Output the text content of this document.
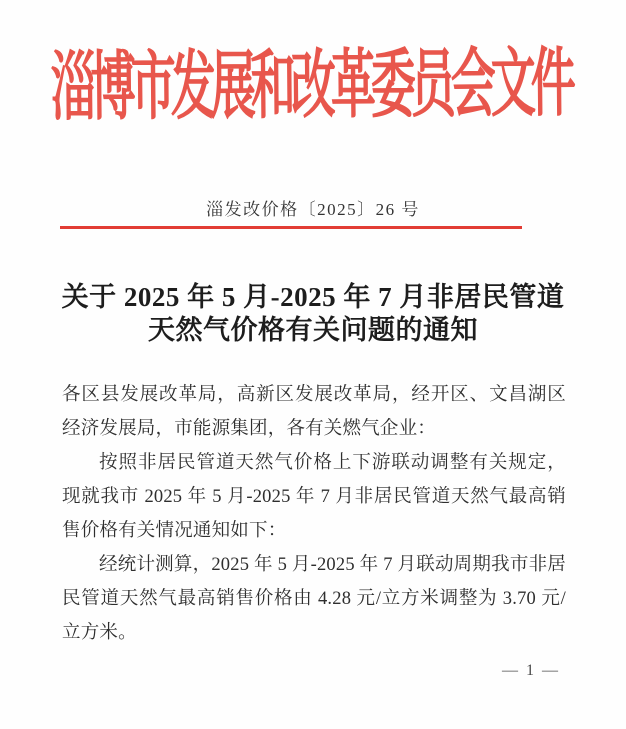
淄博市发展和改革委员会文件
淄发改价格〔2025〕26 号
关于 2025 年 5 月-2025 年 7 月非居民管道
天然气价格有关问题的通知

各区县发展改革局，高新区发展改革局，经开区、文昌湖区经济发展局，市能源集团，各有关燃气企业：

按照非居民管道天然气价格上下游联动调整有关规定，现就我市 2025 年 5 月-2025 年 7 月非居民管道天然气最高销售价格有关情况通知如下：

经统计测算，2025 年 5 月-2025 年 7 月联动周期我市非居民管道天然气最高销售价格由 4.28 元/立方米调整为 3.70 元/立方米。

— 1 —
